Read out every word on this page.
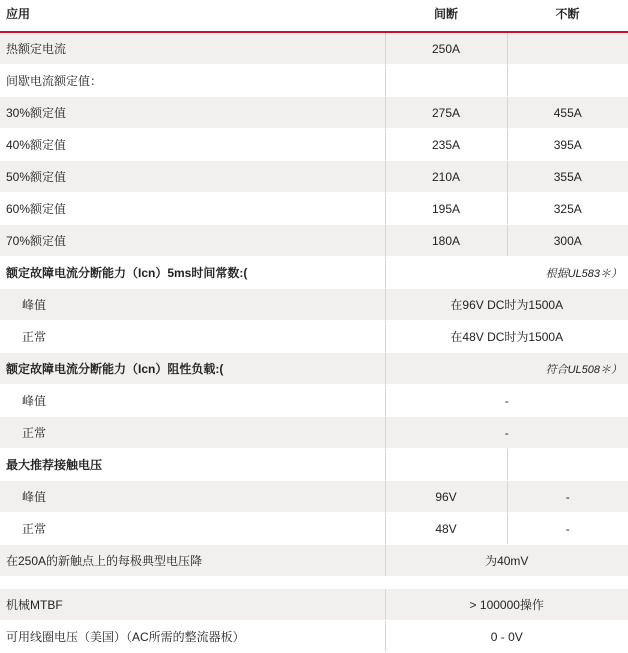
应用	间断	不断
热额定电流	250A	
间歇电流额定值：		
30%额定值	275A	455A
40%额定值	235A	395A
50%额定值	210A	355A
60%额定值	195A	325A
70%额定值	180A	300A
额定故障电流分断能力（Icn）5ms时间常数:(	根据UL583＊）	
峰值	在96V DC时为1500A	
正常	在48V DC时为1500A	
额定故障电流分断能力（Icn）阻性负载:(	符合UL508＊）	
峰值	-	
正常	-	
最大推荐接触电压		
峰值	96V	-
正常	48V	-
在250A的新触点上的每极典型电压降	为40mV	

机械MTBF	> 100000操作	
可用线圈电压（美国）（AC所需的整流器板）	0 - 0V	
